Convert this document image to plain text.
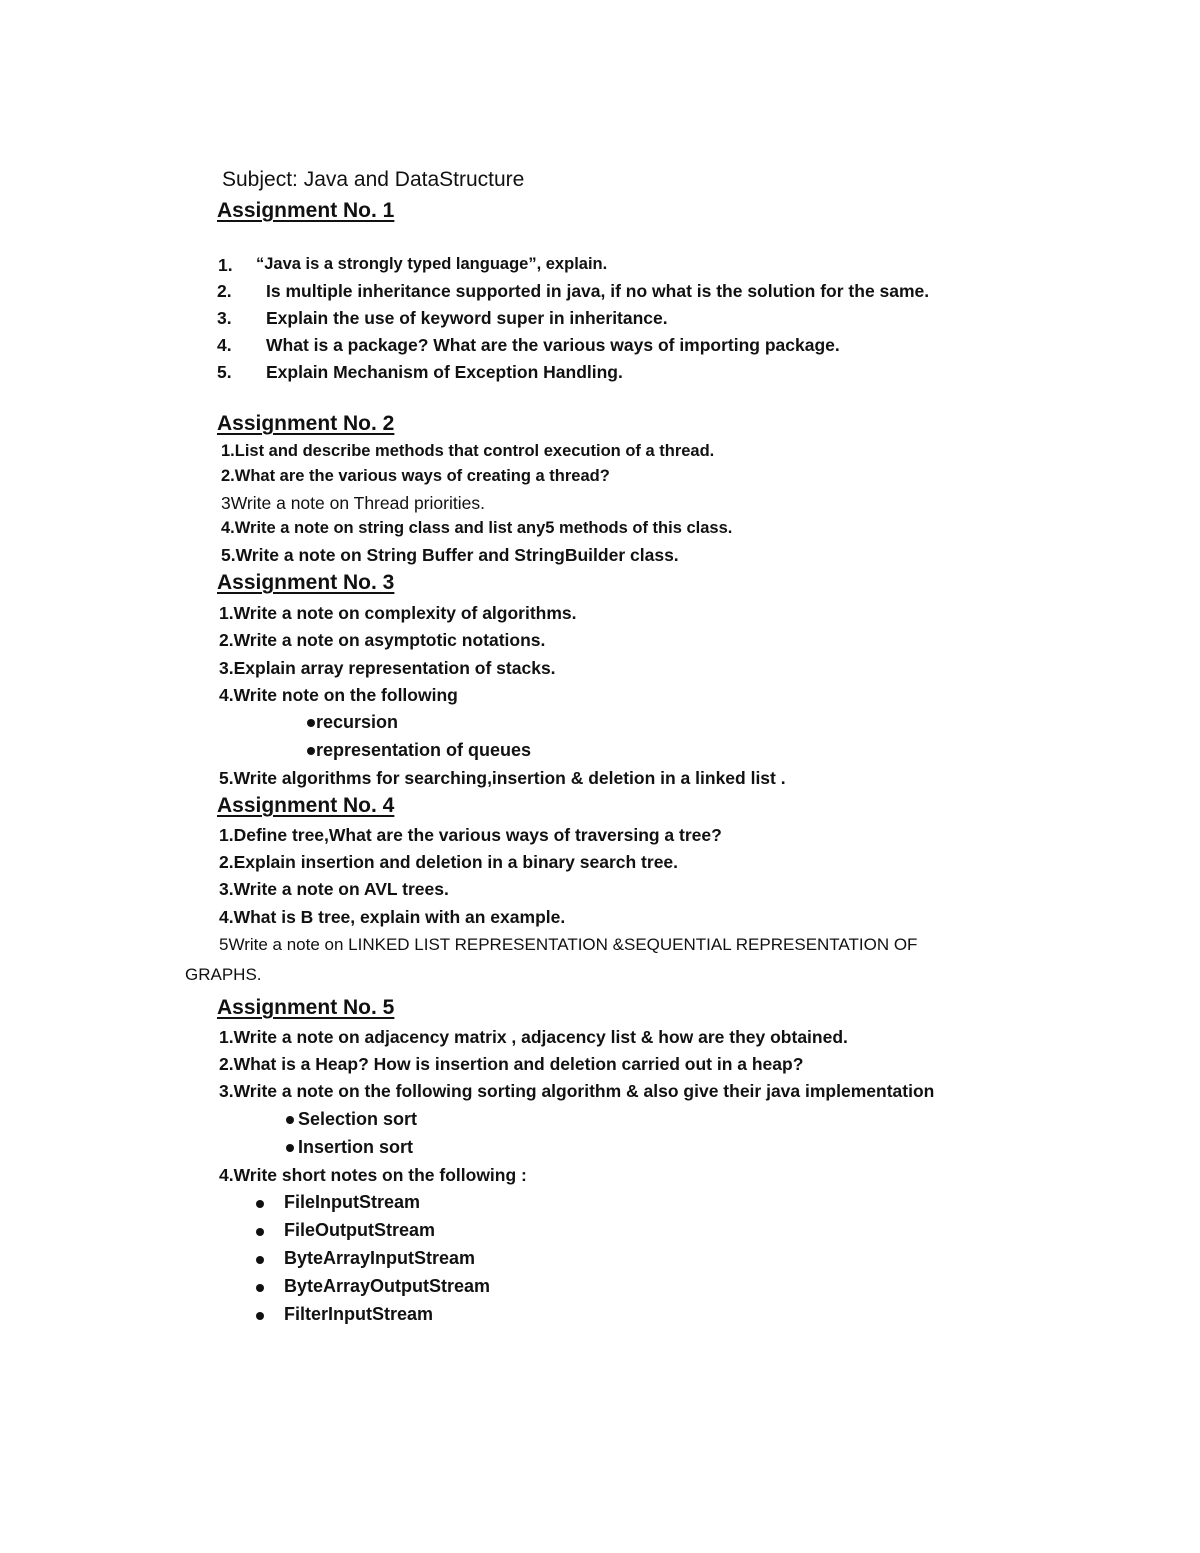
Subject: Java and DataStructure
Assignment No. 1
1. “Java is a strongly typed language”, explain.
2. Is multiple inheritance supported in java, if no what is the solution for the same.
3. Explain the use of keyword super in inheritance.
4. What is a package? What are the various ways of importing package.
5. Explain Mechanism of Exception Handling.
Assignment No. 2
1.List and describe methods that control execution of a thread.
2.What are the various ways of creating a thread?
3Write a note on Thread priorities.
4.Write a note on string class and list any5 methods of this class.
5.Write a note on String Buffer and StringBuilder class.
Assignment No. 3
1.Write a note on complexity of algorithms.
2.Write a note on asymptotic notations.
3.Explain array representation of stacks.
4.Write note on the following
recursion
representation of queues
5.Write algorithms for searching,insertion & deletion in a linked list .
Assignment No. 4
1.Define tree,What are the various ways of traversing a tree?
2.Explain insertion and deletion in a binary search tree.
3.Write a note on AVL trees.
4.What is B tree, explain with an example.
5Write a note on LINKED LIST REPRESENTATION &SEQUENTIAL REPRESENTATION OF
GRAPHS.
Assignment No. 5
1.Write a note on adjacency matrix , adjacency list & how are they obtained.
2.What is a Heap? How is insertion and deletion carried out in a heap?
3.Write a note on the following sorting algorithm & also give their java implementation
Selection sort
Insertion sort
4.Write short notes on the following :
FileInputStream
FileOutputStream
ByteArrayInputStream
ByteArrayOutputStream
FilterInputStream
